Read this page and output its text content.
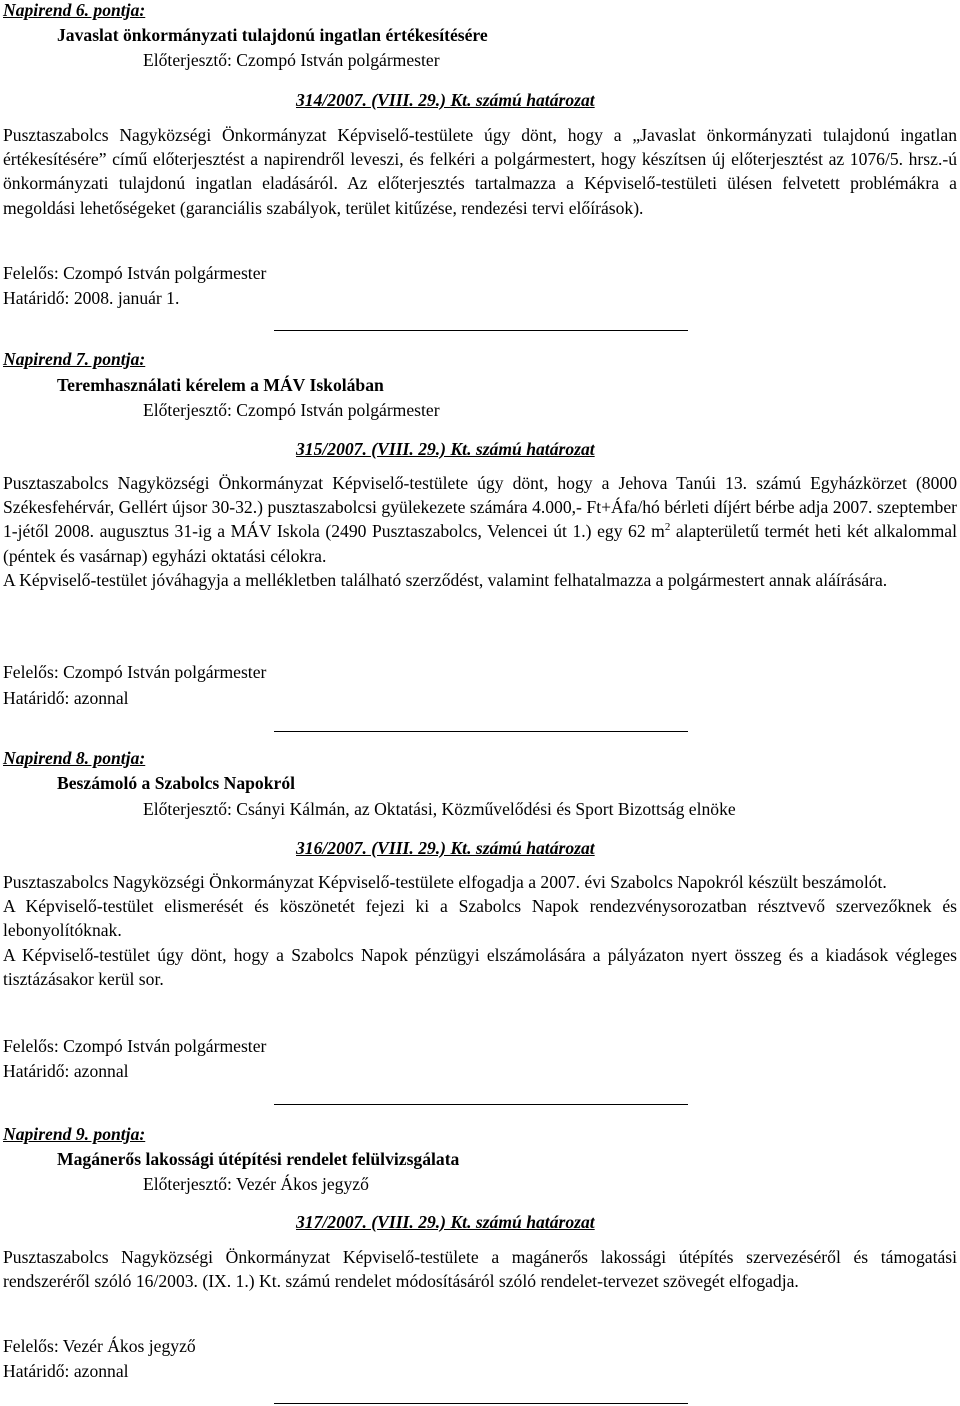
Napirend 6. pontja:
Javaslat önkormányzati tulajdonú ingatlan értékesítésére
Előterjesztő: Czompó István polgármester
314/2007. (VIII. 29.) Kt. számú határozat

Pusztaszabolcs Nagyközségi Önkormányzat Képviselő-testülete úgy dönt, hogy a „Javaslat önkormányzati tulajdonú ingatlan értékesítésére” című előterjesztést a napirendről leveszi, és felkéri a polgármestert, hogy készítsen új előterjesztést az 1076/5. hrsz.-ú önkormányzati tulajdonú ingatlan eladásáról. Az előterjesztés tartalmazza a Képviselő-testületi ülésen felvetett problémákra a megoldási lehetőségeket (garanciális szabályok, terület kitűzése, rendezési tervi előírások).

Felelős: Czompó István polgármester
Határidő: 2008. január 1.
Napirend 7. pontja:
Teremhasználati kérelem a MÁV Iskolában
Előterjesztő: Czompó István polgármester
315/2007. (VIII. 29.) Kt. számú határozat

Pusztaszabolcs Nagyközségi Önkormányzat Képviselő-testülete úgy dönt, hogy a Jehova Tanúi 13. számú Egyházkörzet (8000 Székesfehérvár, Gellért újsor 30-32.) pusztaszabolcsi gyülekezete számára 4.000,- Ft+Áfa/hó bérleti díjért bérbe adja 2007. szeptember 1-jétől 2008. augusztus 31-ig a MÁV Iskola (2490 Pusztaszabolcs, Velencei út 1.) egy 62 $m^2$ alapterületű termét heti két alkalommal (péntek és vasárnap) egyházi oktatási célokra.

A Képviselő-testület jóváhagyja a mellékletben található szerződést, valamint felhatalmazza a polgármestert annak aláírására.

Felelős: Czompó István polgármester
Határidő: azonnal
Napirend 8. pontja:
Beszámoló a Szabolcs Napokról
Előterjesztő: Csányi Kálmán, az Oktatási, Közművelődési és Sport Bizottság elnöke
316/2007. (VIII. 29.) Kt. számú határozat

Pusztaszabolcs Nagyközségi Önkormányzat Képviselő-testülete elfogadja a 2007. évi Szabolcs Napokról készült beszámolót.

A Képviselő-testület elismerését és köszönetét fejezi ki a Szabolcs Napok rendezvénysorozatban résztvevő szervezőknek és lebonyolítóknak.

A Képviselő-testület úgy dönt, hogy a Szabolcs Napok pénzügyi elszámolására a pályázaton nyert összeg és a kiadások végleges tisztázásakor kerül sor.

Felelős: Czompó István polgármester
Határidő: azonnal
Napirend 9. pontja:
Magánerős lakossági útépítési rendelet felülvizsgálata
Előterjesztő: Vezér Ákos jegyző
317/2007. (VIII. 29.) Kt. számú határozat

Pusztaszabolcs Nagyközségi Önkormányzat Képviselő-testülete a magánerős lakossági útépítés szervezéséről és támogatási rendszeréről szóló 16/2003. (IX. 1.) Kt. számú rendelet módosításáról szóló rendelet-tervezet szövegét elfogadja.

Felelős: Vezér Ákos jegyző
Határidő: azonnal
